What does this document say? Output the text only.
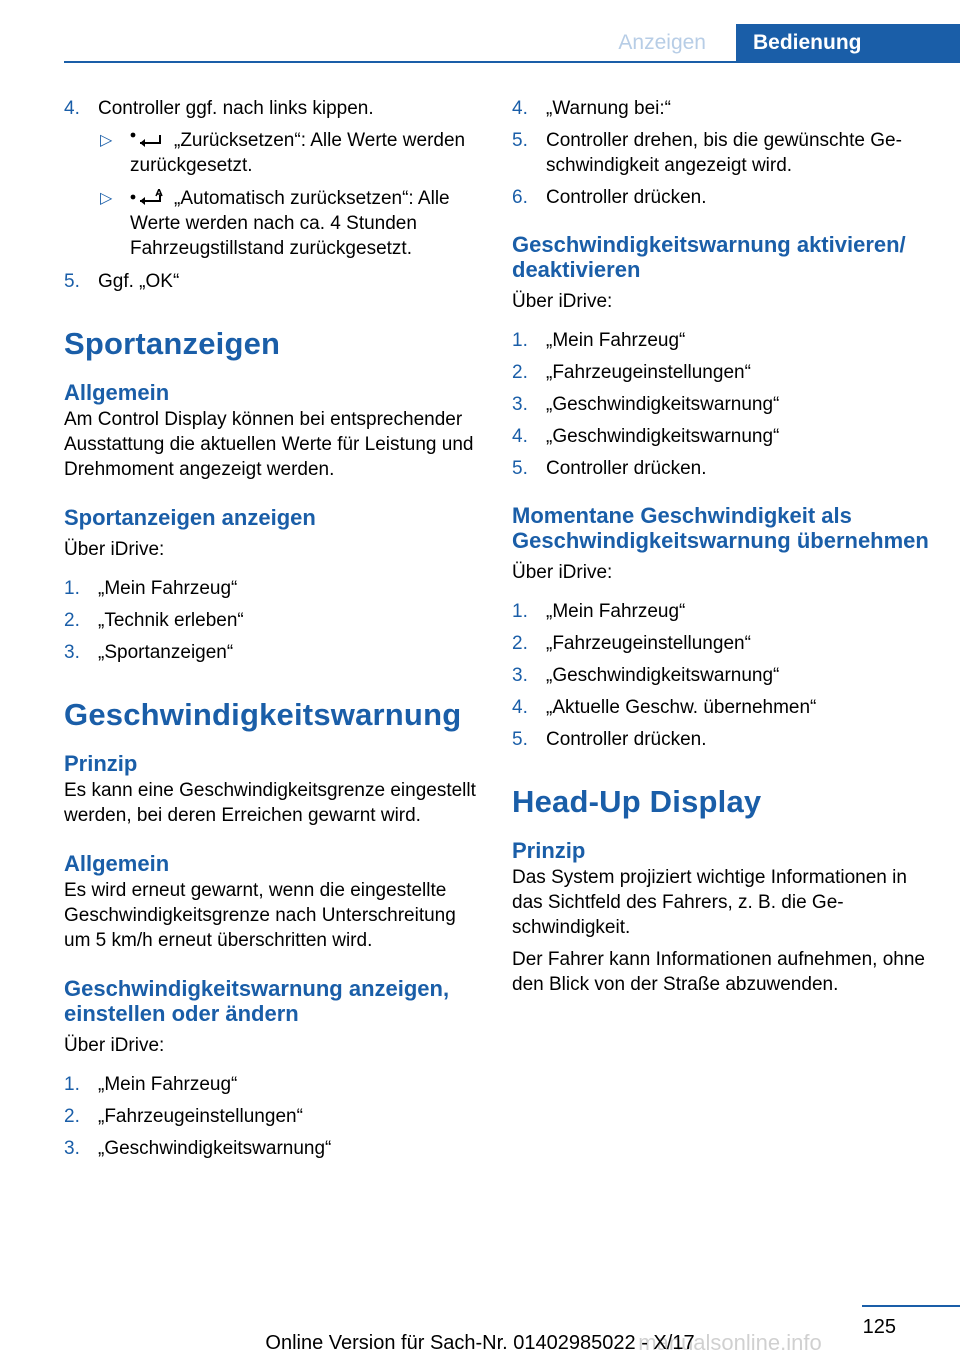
Anzeigen	Bedienung
4. Controller ggf. nach links kippen.
▷	„Zurücksetzen“: Alle Werte werden zurückgesetzt.
▷	„Automatisch zurücksetzen“: Alle Werte werden nach ca. 4 Stunden Fahrzeugstillstand zurückgesetzt.
5. Ggf. „OK“
Sportanzeigen
Allgemein
Am Control Display können bei entsprechender Ausstattung die aktuellen Werte für Leistung und Drehmoment angezeigt werden.
Sportanzeigen anzeigen
Über iDrive:
1. „Mein Fahrzeug“
2. „Technik erleben“
3. „Sportanzeigen“
Geschwindigkeitswarnung
Prinzip
Es kann eine Geschwindigkeitsgrenze eingestellt werden, bei deren Erreichen gewarnt wird.
Allgemein
Es wird erneut gewarnt, wenn die eingestellte Geschwindigkeitsgrenze nach Unterschreitung um 5 km/h erneut überschritten wird.
Geschwindigkeitswarnung anzeigen, einstellen oder ändern
Über iDrive:
1. „Mein Fahrzeug“
2. „Fahrzeugeinstellungen“
3. „Geschwindigkeitswarnung“
4. „Warnung bei:“
5. Controller drehen, bis die gewünschte Geschwindigkeit angezeigt wird.
6. Controller drücken.
Geschwindigkeitswarnung aktivieren/ deaktivieren
Über iDrive:
1. „Mein Fahrzeug“
2. „Fahrzeugeinstellungen“
3. „Geschwindigkeitswarnung“
4. „Geschwindigkeitswarnung“
5. Controller drücken.
Momentane Geschwindigkeit als Geschwindigkeitswarnung übernehmen
Über iDrive:
1. „Mein Fahrzeug“
2. „Fahrzeugeinstellungen“
3. „Geschwindigkeitswarnung“
4. „Aktuelle Geschw. übernehmen“
5. Controller drücken.
Head-Up Display
Prinzip
Das System projiziert wichtige Informationen in das Sichtfeld des Fahrers, z. B. die Geschwindigkeit.
Der Fahrer kann Informationen aufnehmen, ohne den Blick von der Straße abzuwenden.
125
manualsonline.info
Online Version für Sach-Nr. 01402985022 - X/17
